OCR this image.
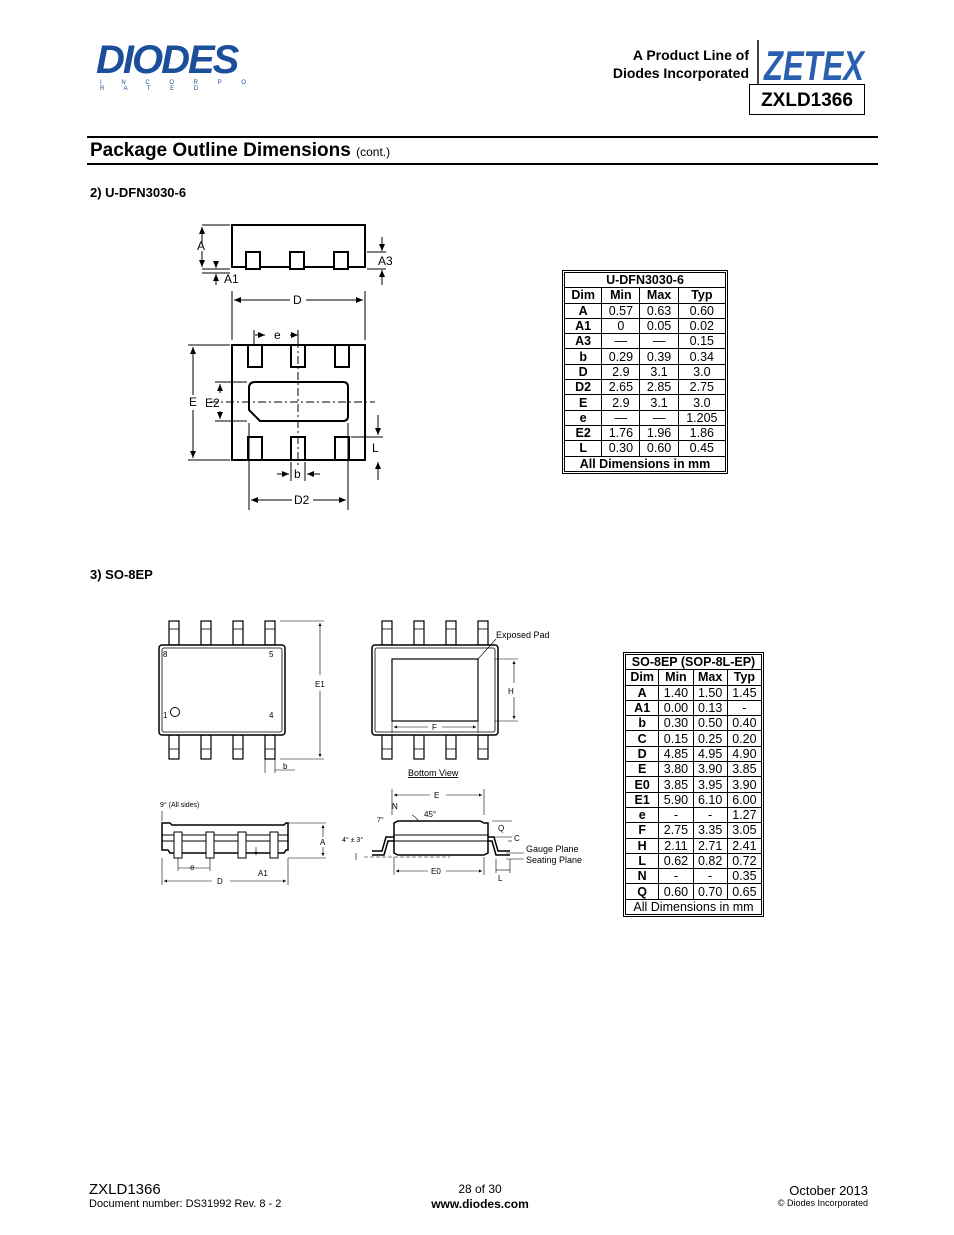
DIODES
I N C O R P O R A T E D
A Product Line of
Diodes Incorporated ZETEX
ZXLD1366
Package Outline Dimensions (cont.)
2) U-DFN3030-6
A
A1
A3
D
e
E E2
L
b
D2
U-DFN3030-6			
Dim	Min	Max	Typ
A	0.57	0.63	0.60
A1	0	0.05	0.02
A3	—	—	0.15
b	0.29	0.39	0.34
D	2.9	3.1	3.0
D2	2.65	2.85	2.75
E	2.9	3.1	3.0
e	—	—	1.205
E2	1.76	1.96	1.86
L	0.30	0.60	0.45
All Dimensions in mm			
3) SO-8EP
8	5
1	4
E1
b
Exposed Pad
H
F
Bottom View
9° (All sides)
A
e
A1
D
E
N
7°
45°
4° ± 3°
Q
C
Gauge Plane
Seating Plane
E0
L
SO-8EP (SOP-8L-EP)			
Dim	Min	Max	Typ
A	1.40	1.50	1.45
A1	0.00	0.13	-
b	0.30	0.50	0.40
C	0.15	0.25	0.20
D	4.85	4.95	4.90
E	3.80	3.90	3.85
E0	3.85	3.95	3.90
E1	5.90	6.10	6.00
e	-	-	1.27
F	2.75	3.35	3.05
H	2.11	2.71	2.41
L	0.62	0.82	0.72
N	-	-	0.35
Q	0.60	0.70	0.65
All Dimensions in mm			
ZXLD1366
Document number: DS31992 Rev. 8 - 2
28 of 30
www.diodes.com
October 2013
© Diodes Incorporated
